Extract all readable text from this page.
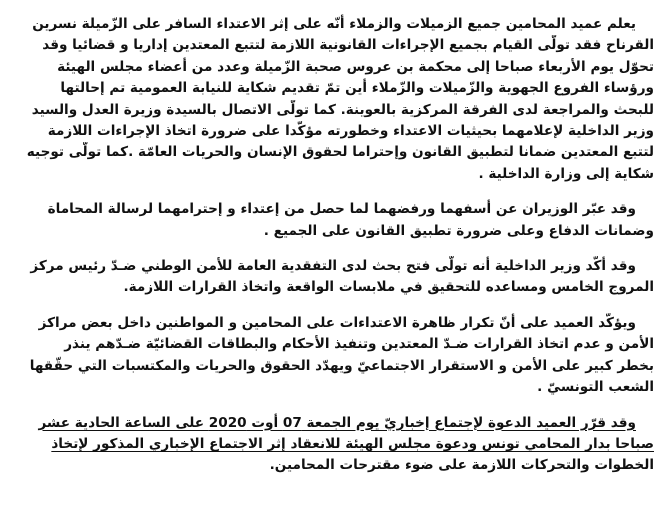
يعلم عميد المحامين جميع الزميلات والزملاء أنّه على إثر الاعتداء السافر على الزّميلة نسرين
القرناح فقد تولّى القيام بجميع الإجراءات القانونية اللازمة لتتبع المعتدين إداريا و قضائيا وقد
تحوّل يوم الأربعاء صباحا إلى محكمة بن عروس صحبة الزّميلة وعدد من أعضاء مجلس الهيئة
ورؤساء الفروع الجهوية والزّميلات والزّملاء أين تمّ تقديم شكاية للنيابة العمومية تم إحالتها
للبحث والمراجعة لدى الفرقة المركزية بالعوينة. كما تولّى الاتصال بالسيدة وزيرة العدل والسيد
وزير الداخلية لإعلامهما بحيثيات الاعتداء وخطورته مؤكّدا على ضرورة اتخاذ الإجراءات اللازمة
لتتبع المعتدين ضمانا لتطبيق القانون وإحتراما لحقوق الإنسان والحريات العامّة .كما تولّى توجيه
شكاية إلى وزارة الداخلية .

وقد عبّر الوزيران عن أسفهما ورفضهما لما حصل من إعتداء و إحترامهما لرسالة المحاماة
وضمانات الدفاع وعلى ضرورة تطبيق القانون على الجميع .

وقد أكّد وزير الداخلية أنه تولّى فتح بحث لدى التفقدية العامة للأمن الوطني ضـدّ رئيس مركز
المروج الخامس ومساعده للتحقيق في ملابسات الواقعة واتخاذ القرارات اللازمة.

ويؤكّد العميد على أنّ تكرار ظاهرة الاعتداءات على المحامين و المواطنين داخل بعض مراكز
الأمن و عدم اتخاذ القرارات ضـدّ المعتدين وتنفيذ الأحكام والبطاقات القضائيّة ضـدّهم ينذر
بخطر كبير على الأمن و الاستقرار الاجتماعيّ ويهدّد الحقوق والحريات والمكتسبات التي حقّقها
الشعب التونسيّ .

وقد قرّر العميد الدعوة لإجتماع إخباريّ يوم الجمعة 07 أوت 2020 على الساعة الحادية عشر
صباحا بدار المحامي تونس ودعوة مجلس الهيئة للانعقاد إثر الاجتماع الإخباري المذكور لإتخاذ
الخطوات والتحركات اللازمة على ضوء مقترحات المحامين.
